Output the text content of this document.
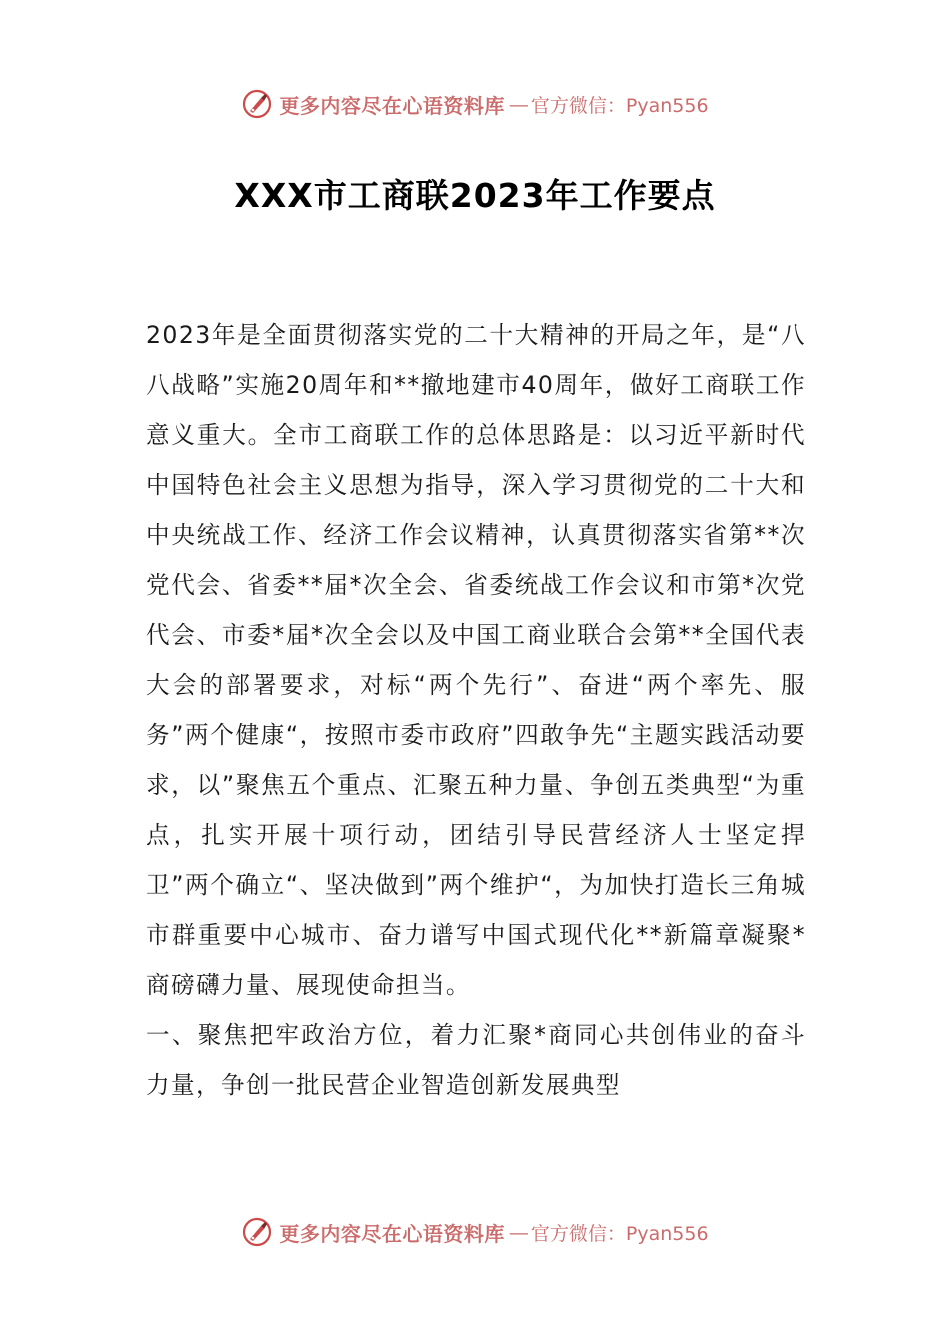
更多内容尽在心语资料库 — 官方微信：Pyan556
XXX市工商联2023年工作要点

2023年是全面贯彻落实党的二十大精神的开局之年，是“八八战略”实施20周年和**撤地建市40周年，做好工商联工作意义重大。全市工商联工作的总体思路是：以习近平新时代中国特色社会主义思想为指导，深入学习贯彻党的二十大和中央统战工作、经济工作会议精神，认真贯彻落实省第**次党代会、省委**届*次全会、省委统战工作会议和市第*次党代会、市委*届*次全会以及中国工商业联合会第**全国代表大会的部署要求，对标“两个先行”、奋进“两个率先、服务”两个健康“，按照市委市政府”四敢争先“主题实践活动要求，以”聚焦五个重点、汇聚五种力量、争创五类典型“为重点，扎实开展十项行动，团结引导民营经济人士坚定捍卫”两个确立“、坚决做到”两个维护“，为加快打造长三角城市群重要中心城市、奋力谱写中国式现代化**新篇章凝聚*商磅礴力量、展现使命担当。

一、聚焦把牢政治方位，着力汇聚*商同心共创伟业的奋斗力量，争创一批民营企业智造创新发展典型

更多内容尽在心语资料库 — 官方微信：Pyan556
